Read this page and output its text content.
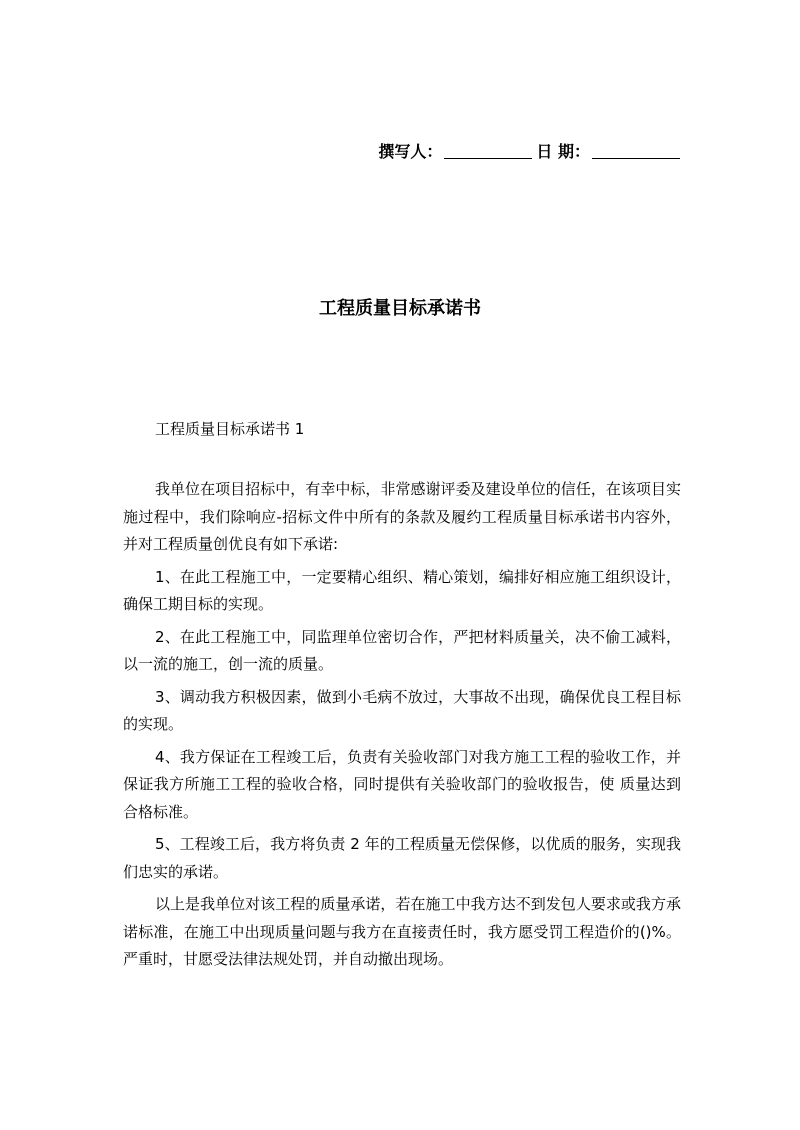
撰写人：	日 期：
工程质量目标承诺书
工程质量目标承诺书 1

我单位在项目招标中，有幸中标，非常感谢评委及建设单位的信任，在该项目实施过程中，我们除响应-招标文件中所有的条款及履约工程质量目标承诺书内容外，并对工程质量创优良有如下承诺:

1、在此工程施工中，一定要精心组织、精心策划，编排好相应施工组织设计，确保工期目标的实现。

2、在此工程施工中，同监理单位密切合作，严把材料质量关，决不偷工减料，以一流的施工，创一流的质量。

3、调动我方积极因素，做到小毛病不放过，大事故不出现，确保优良工程目标的实现。

4、我方保证在工程竣工后，负责有关验收部门对我方施工工程的验收工作，并保证我方所施工工程的验收合格，同时提供有关验收部门的验收报告，使 质量达到合格标准。

5、工程竣工后，我方将负责 2 年的工程质量无偿保修，以优质的服务，实现我们忠实的承诺。

以上是我单位对该工程的质量承诺，若在施工中我方达不到发包人要求或我方承诺标准，在施工中出现质量问题与我方在直接责任时，我方愿受罚工程造价的()%。严重时，甘愿受法律法规处罚，并自动撤出现场。
